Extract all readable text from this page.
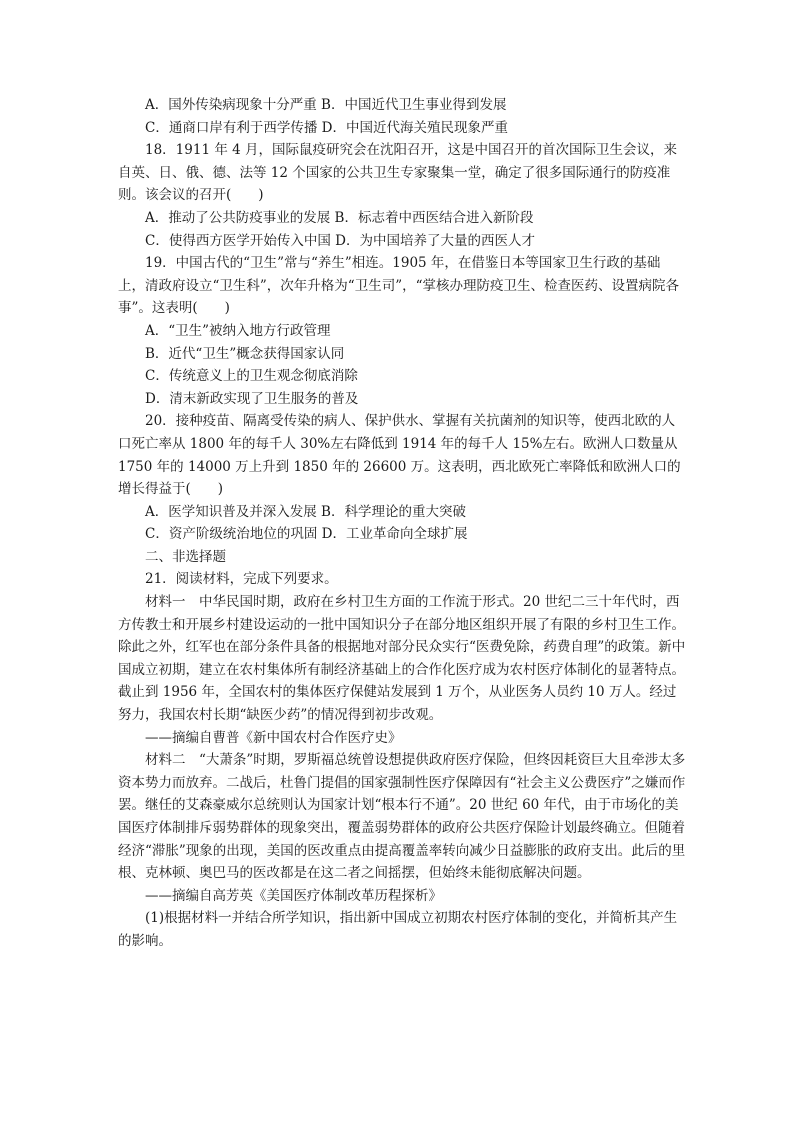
A．国外传染病现象十分严重 B．中国近代卫生事业得到发展

C．通商口岸有利于西学传播 D．中国近代海关殖民现象严重

18．1911 年 4 月，国际鼠疫研究会在沈阳召开，这是中国召开的首次国际卫生会议，来自英、日、俄、德、法等 12 个国家的公共卫生专家聚集一堂，确定了很多国际通行的防疫准则。该会议的召开(　　)

A．推动了公共防疫事业的发展 B．标志着中西医结合进入新阶段

C．使得西方医学开始传入中国 D．为中国培养了大量的西医人才

19．中国古代的“卫生”常与“养生”相连。1905 年，在借鉴日本等国家卫生行政的基础上，清政府设立“卫生科”，次年升格为“卫生司”，“掌核办理防疫卫生、检查医药、设置病院各事”。这表明(　　)

A．“卫生”被纳入地方行政管理

B．近代“卫生”概念获得国家认同

C．传统意义上的卫生观念彻底消除

D．清末新政实现了卫生服务的普及

20．接种疫苗、隔离受传染的病人、保护供水、掌握有关抗菌剂的知识等，使西北欧的人口死亡率从 1800 年的每千人 30%左右降低到 1914 年的每千人 15%左右。欧洲人口数量从 1750 年的 14000 万上升到 1850 年的 26600 万。这表明，西北欧死亡率降低和欧洲人口的增长得益于(　　)

A．医学知识普及并深入发展 B．科学理论的重大突破

C．资产阶级统治地位的巩固 D．工业革命向全球扩展

二、非选择题

21．阅读材料，完成下列要求。

材料一　中华民国时期，政府在乡村卫生方面的工作流于形式。20 世纪二三十年代时，西方传教士和开展乡村建设运动的一批中国知识分子在部分地区组织开展了有限的乡村卫生工作。除此之外，红军也在部分条件具备的根据地对部分民众实行“医费免除，药费自理”的政策。新中国成立初期，建立在农村集体所有制经济基础上的合作化医疗成为农村医疗体制化的显著特点。截止到 1956 年，全国农村的集体医疗保健站发展到 1 万个，从业医务人员约 10 万人。经过努力，我国农村长期“缺医少药”的情况得到初步改观。

——摘编自曹普《新中国农村合作医疗史》

材料二　“大萧条”时期，罗斯福总统曾设想提供政府医疗保险，但终因耗资巨大且牵涉太多资本势力而放弃。二战后，杜鲁门提倡的国家强制性医疗保障因有“社会主义公费医疗”之嫌而作罢。继任的艾森豪威尔总统则认为国家计划“根本行不通”。20 世纪 60 年代，由于市场化的美国医疗体制排斥弱势群体的现象突出，覆盖弱势群体的政府公共医疗保险计划最终确立。但随着经济“滞胀”现象的出现，美国的医改重点由提高覆盖率转向减少日益膨胀的政府支出。此后的里根、克林顿、奥巴马的医改都是在这二者之间摇摆，但始终未能彻底解决问题。

——摘编自高芳英《美国医疗体制改革历程探析》

(1)根据材料一并结合所学知识，指出新中国成立初期农村医疗体制的变化，并简析其产生的影响。
